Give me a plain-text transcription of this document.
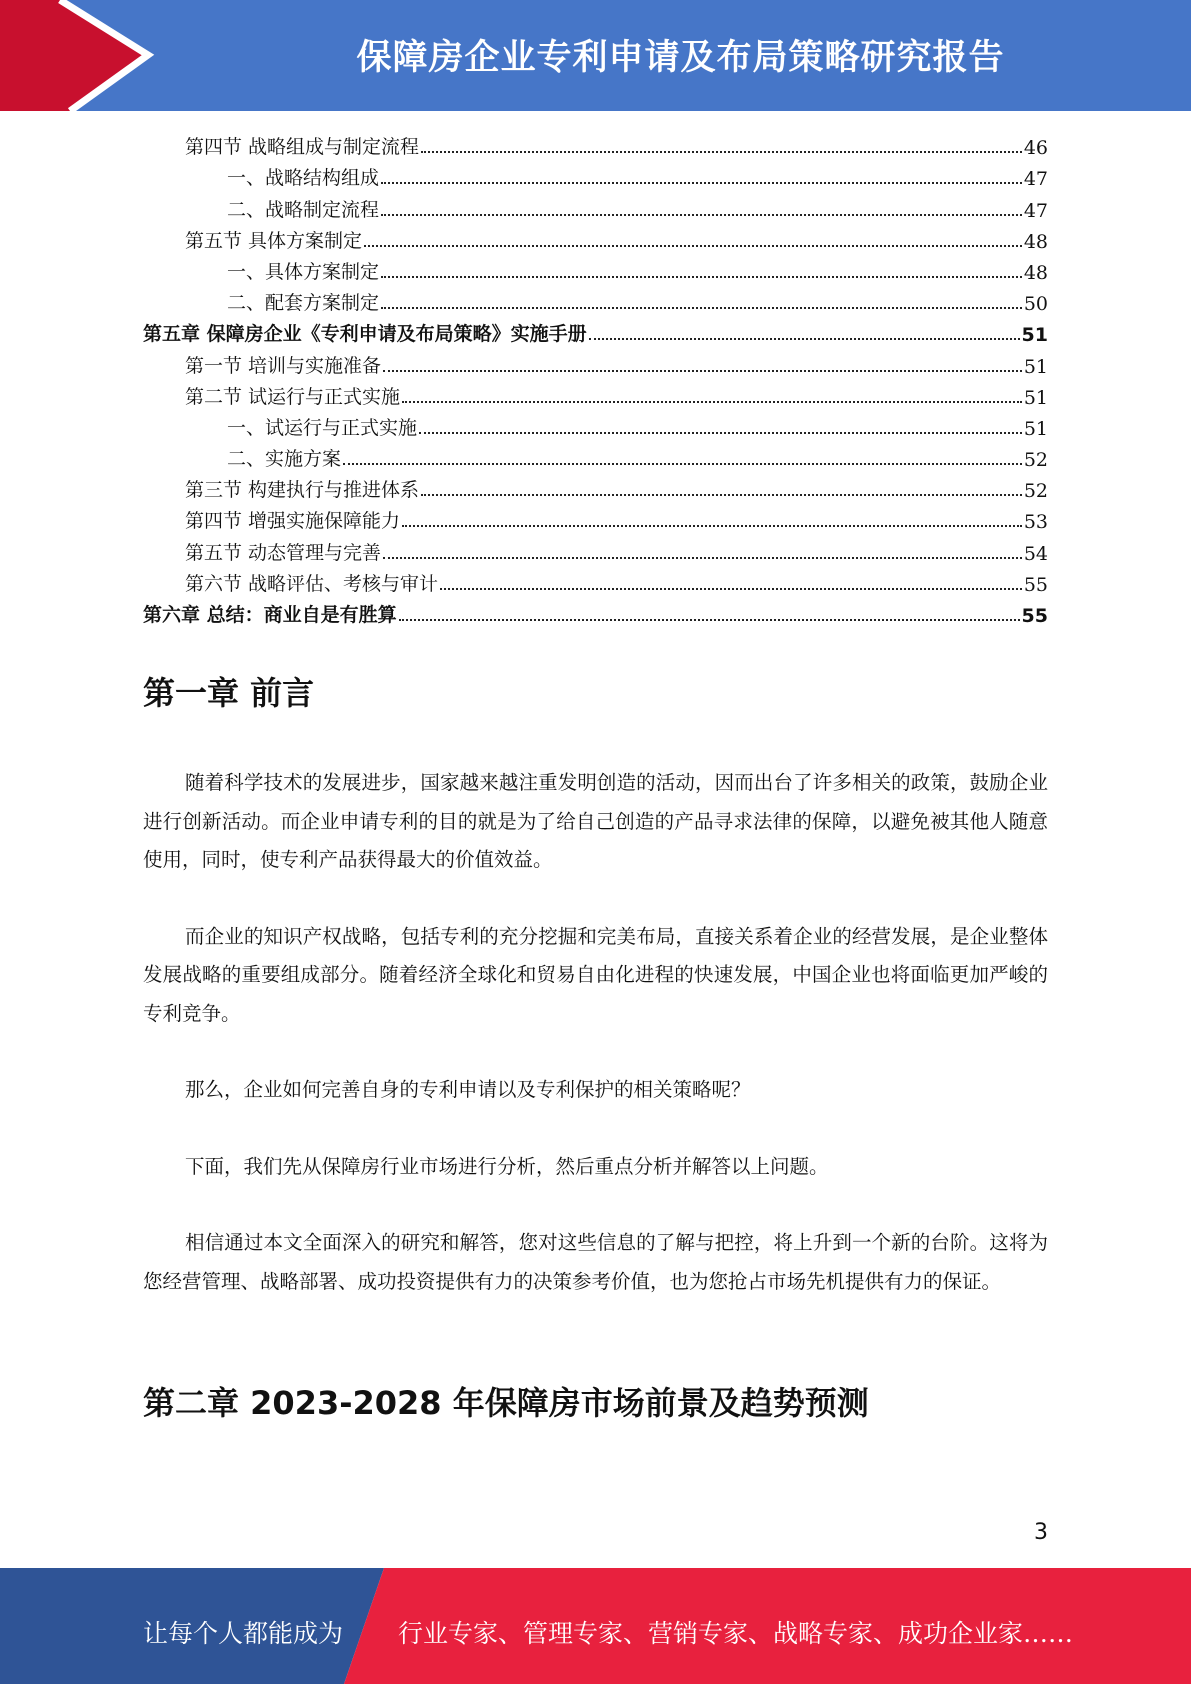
保障房企业专利申请及布局策略研究报告
第四节 战略组成与制定流程	46
一、战略结构组成	47
二、战略制定流程	47
第五节 具体方案制定	48
一、具体方案制定	48
二、配套方案制定	50
第五章 保障房企业《专利申请及布局策略》实施手册	51
第一节 培训与实施准备	51
第二节 试运行与正式实施	51
一、试运行与正式实施	51
二、实施方案	52
第三节 构建执行与推进体系	52
第四节 增强实施保障能力	53
第五节 动态管理与完善	54
第六节 战略评估、考核与审计	55
第六章 总结：商业自是有胜算	55
第一章 前言

随着科学技术的发展进步，国家越来越注重发明创造的活动，因而出台了许多相关的政策，鼓励企业进行创新活动。而企业申请专利的目的就是为了给自己创造的产品寻求法律的保障，以避免被其他人随意使用，同时，使专利产品获得最大的价值效益。

而企业的知识产权战略，包括专利的充分挖掘和完美布局，直接关系着企业的经营发展，是企业整体发展战略的重要组成部分。随着经济全球化和贸易自由化进程的快速发展，中国企业也将面临更加严峻的专利竞争。

那么，企业如何完善自身的专利申请以及专利保护的相关策略呢？

下面，我们先从保障房行业市场进行分析，然后重点分析并解答以上问题。

相信通过本文全面深入的研究和解答，您对这些信息的了解与把控，将上升到一个新的台阶。这将为您经营管理、战略部署、成功投资提供有力的决策参考价值，也为您抢占市场先机提供有力的保证。

第二章 2023-2028 年保障房市场前景及趋势预测
3
让每个人都能成为 行业专家、管理专家、营销专家、战略专家、成功企业家……
